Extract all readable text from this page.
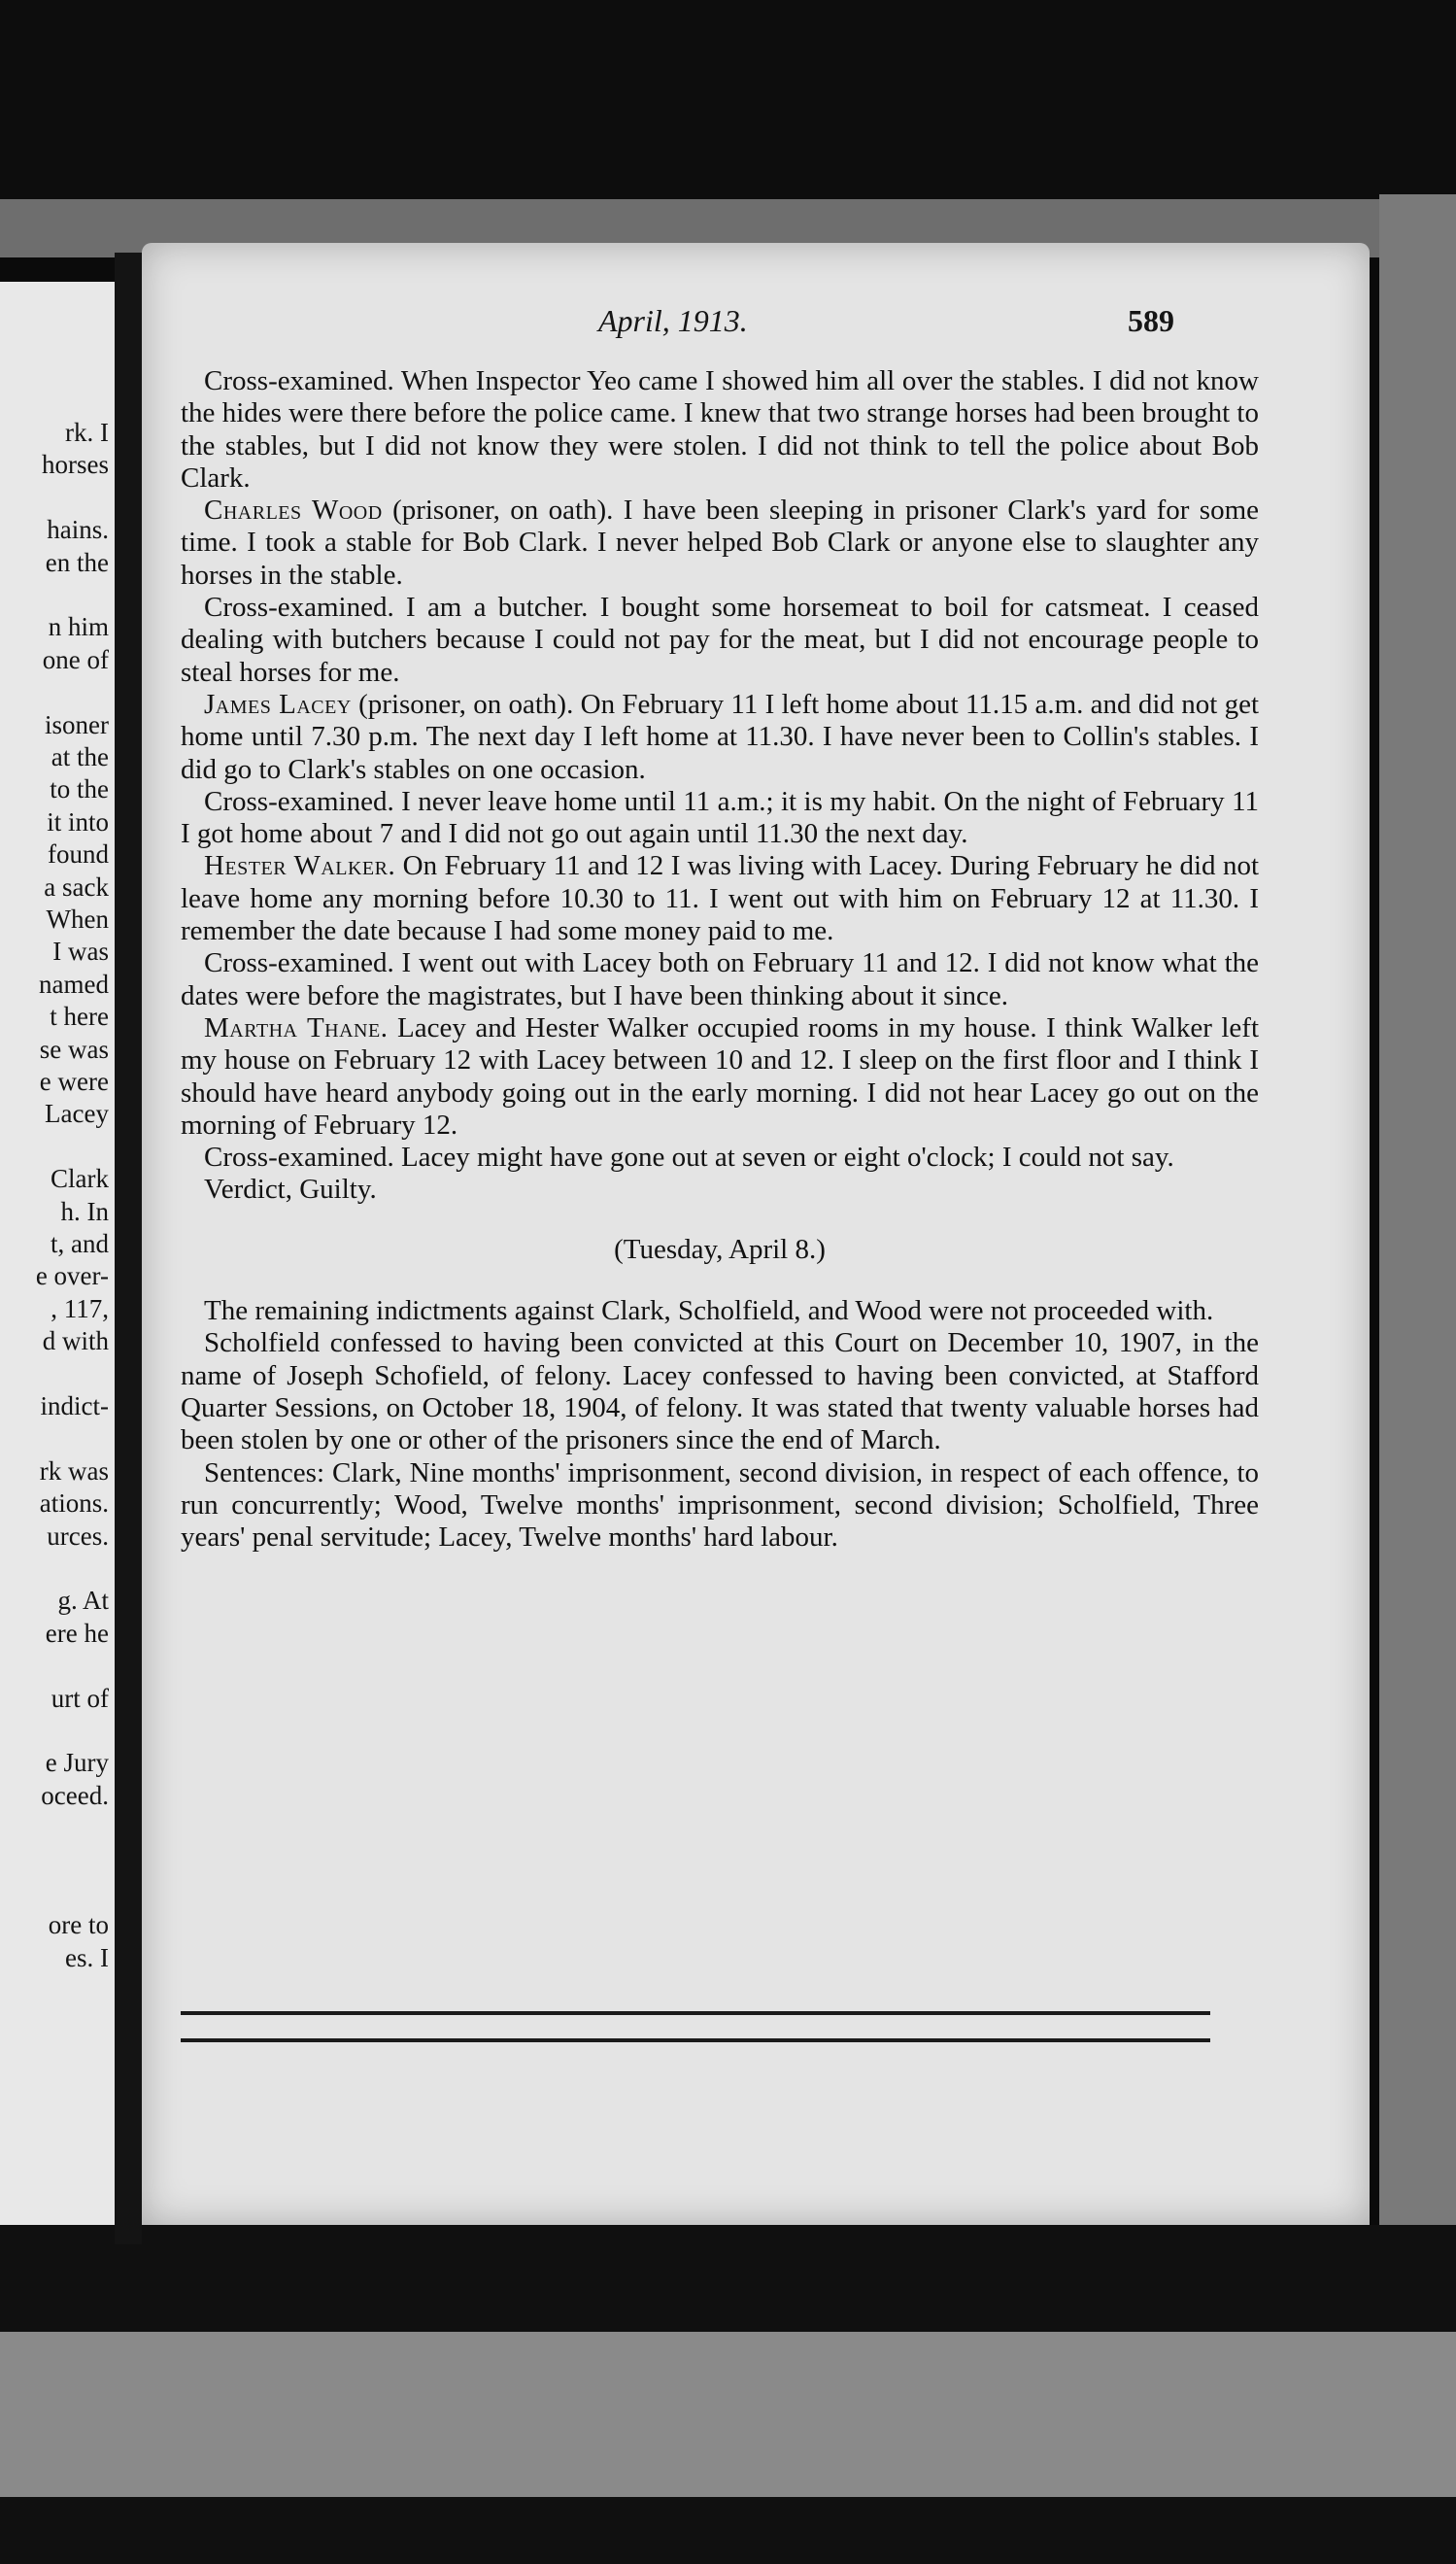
rk. I
horses
hains.
en the
n him
one of
isoner
at the
to the
it into
found
a sack
When
I was
named
t here
se was
e were
Lacey
Clark
h. In
t, and
e over-
, 117,
d with
indict-
rk was
ations.
urces.
g. At
ere he
urt of
e Jury
oceed.
ore to
es. I
April, 1913.	589

Cross-examined. When Inspector Yeo came I showed him all over the stables. I did not know the hides were there before the police came. I knew that two strange horses had been brought to the stables, but I did not know they were stolen. I did not think to tell the police about Bob Clark.

Charles Wood (prisoner, on oath). I have been sleeping in prisoner Clark's yard for some time. I took a stable for Bob Clark. I never helped Bob Clark or anyone else to slaughter any horses in the stable.

Cross-examined. I am a butcher. I bought some horsemeat to boil for catsmeat. I ceased dealing with butchers because I could not pay for the meat, but I did not encourage people to steal horses for me.

James Lacey (prisoner, on oath). On February 11 I left home about 11.15 a.m. and did not get home until 7.30 p.m. The next day I left home at 11.30. I have never been to Collin's stables. I did go to Clark's stables on one occasion.

Cross-examined. I never leave home until 11 a.m.; it is my habit. On the night of February 11 I got home about 7 and I did not go out again until 11.30 the next day.

Hester Walker. On February 11 and 12 I was living with Lacey. During February he did not leave home any morning before 10.30 to 11. I went out with him on February 12 at 11.30. I remember the date because I had some money paid to me.

Cross-examined. I went out with Lacey both on February 11 and 12. I did not know what the dates were before the magistrates, but I have been thinking about it since.

Martha Thane. Lacey and Hester Walker occupied rooms in my house. I think Walker left my house on February 12 with Lacey between 10 and 12. I sleep on the first floor and I think I should have heard anybody going out in the early morning. I did not hear Lacey go out on the morning of February 12.

Cross-examined. Lacey might have gone out at seven or eight o'clock; I could not say.

Verdict, Guilty.

(Tuesday, April 8.)

The remaining indictments against Clark, Scholfield, and Wood were not proceeded with.

Scholfield confessed to having been convicted at this Court on December 10, 1907, in the name of Joseph Schofield, of felony. Lacey confessed to having been convicted, at Stafford Quarter Sessions, on October 18, 1904, of felony. It was stated that twenty valuable horses had been stolen by one or other of the prisoners since the end of March.

Sentences: Clark, Nine months' imprisonment, second division, in respect of each offence, to run concurrently; Wood, Twelve months' imprisonment, second division; Scholfield, Three years' penal servitude; Lacey, Twelve months' hard labour.
